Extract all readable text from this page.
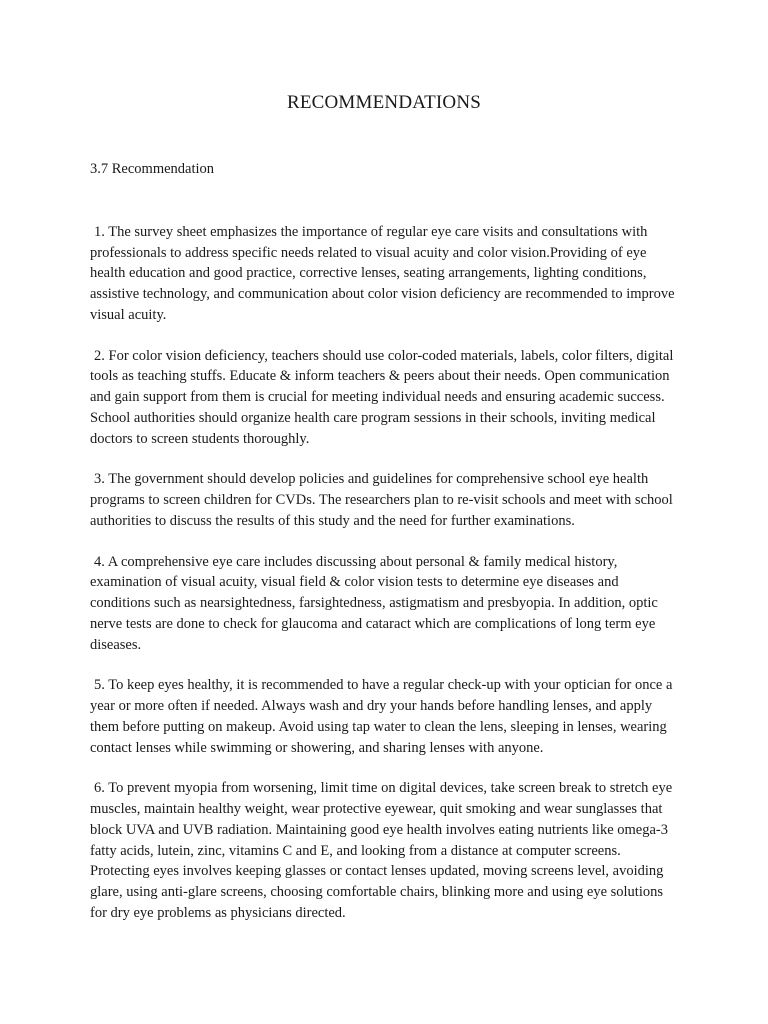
RECOMMENDATIONS

3.7 Recommendation

1. The survey sheet emphasizes the importance of regular eye care visits and consultations with professionals to address specific needs related to visual acuity and color vision.Providing of eye health education and good practice, corrective lenses, seating arrangements, lighting conditions, assistive technology, and communication about color vision deficiency are recommended to improve visual acuity.

2. For color vision deficiency, teachers should use color-coded materials, labels, color filters, digital tools as teaching stuffs. Educate & inform teachers & peers about their needs. Open communication and gain support from them is crucial for meeting individual needs and ensuring academic success. School authorities should organize health care program sessions in their schools, inviting medical doctors to screen students thoroughly.

3. The government should develop policies and guidelines for comprehensive school eye health programs to screen children for CVDs. The researchers plan to re-visit schools and meet with school authorities to discuss the results of this study and the need for further examinations.

4. A comprehensive eye care includes discussing about personal & family medical history, examination of visual acuity, visual field & color vision tests to determine eye diseases and conditions such as nearsightedness, farsightedness, astigmatism and presbyopia. In addition, optic nerve tests are done to check for glaucoma and cataract which are complications of long term eye diseases.

5. To keep eyes healthy, it is recommended to have a regular check-up with your optician for once a year or more often if needed. Always wash and dry your hands before handling lenses, and apply them before putting on makeup. Avoid using tap water to clean the lens, sleeping in lenses, wearing contact lenses while swimming or showering, and sharing lenses with anyone.

6. To prevent myopia from worsening, limit time on digital devices, take screen break to stretch eye muscles, maintain healthy weight, wear protective eyewear, quit smoking and wear sunglasses that block UVA and UVB radiation. Maintaining good eye health involves eating nutrients like omega-3 fatty acids, lutein, zinc, vitamins C and E, and looking from a distance at computer screens. Protecting eyes involves keeping glasses or contact lenses updated, moving screens level, avoiding glare, using anti-glare screens, choosing comfortable chairs, blinking more and using eye solutions for dry eye problems as physicians directed.
